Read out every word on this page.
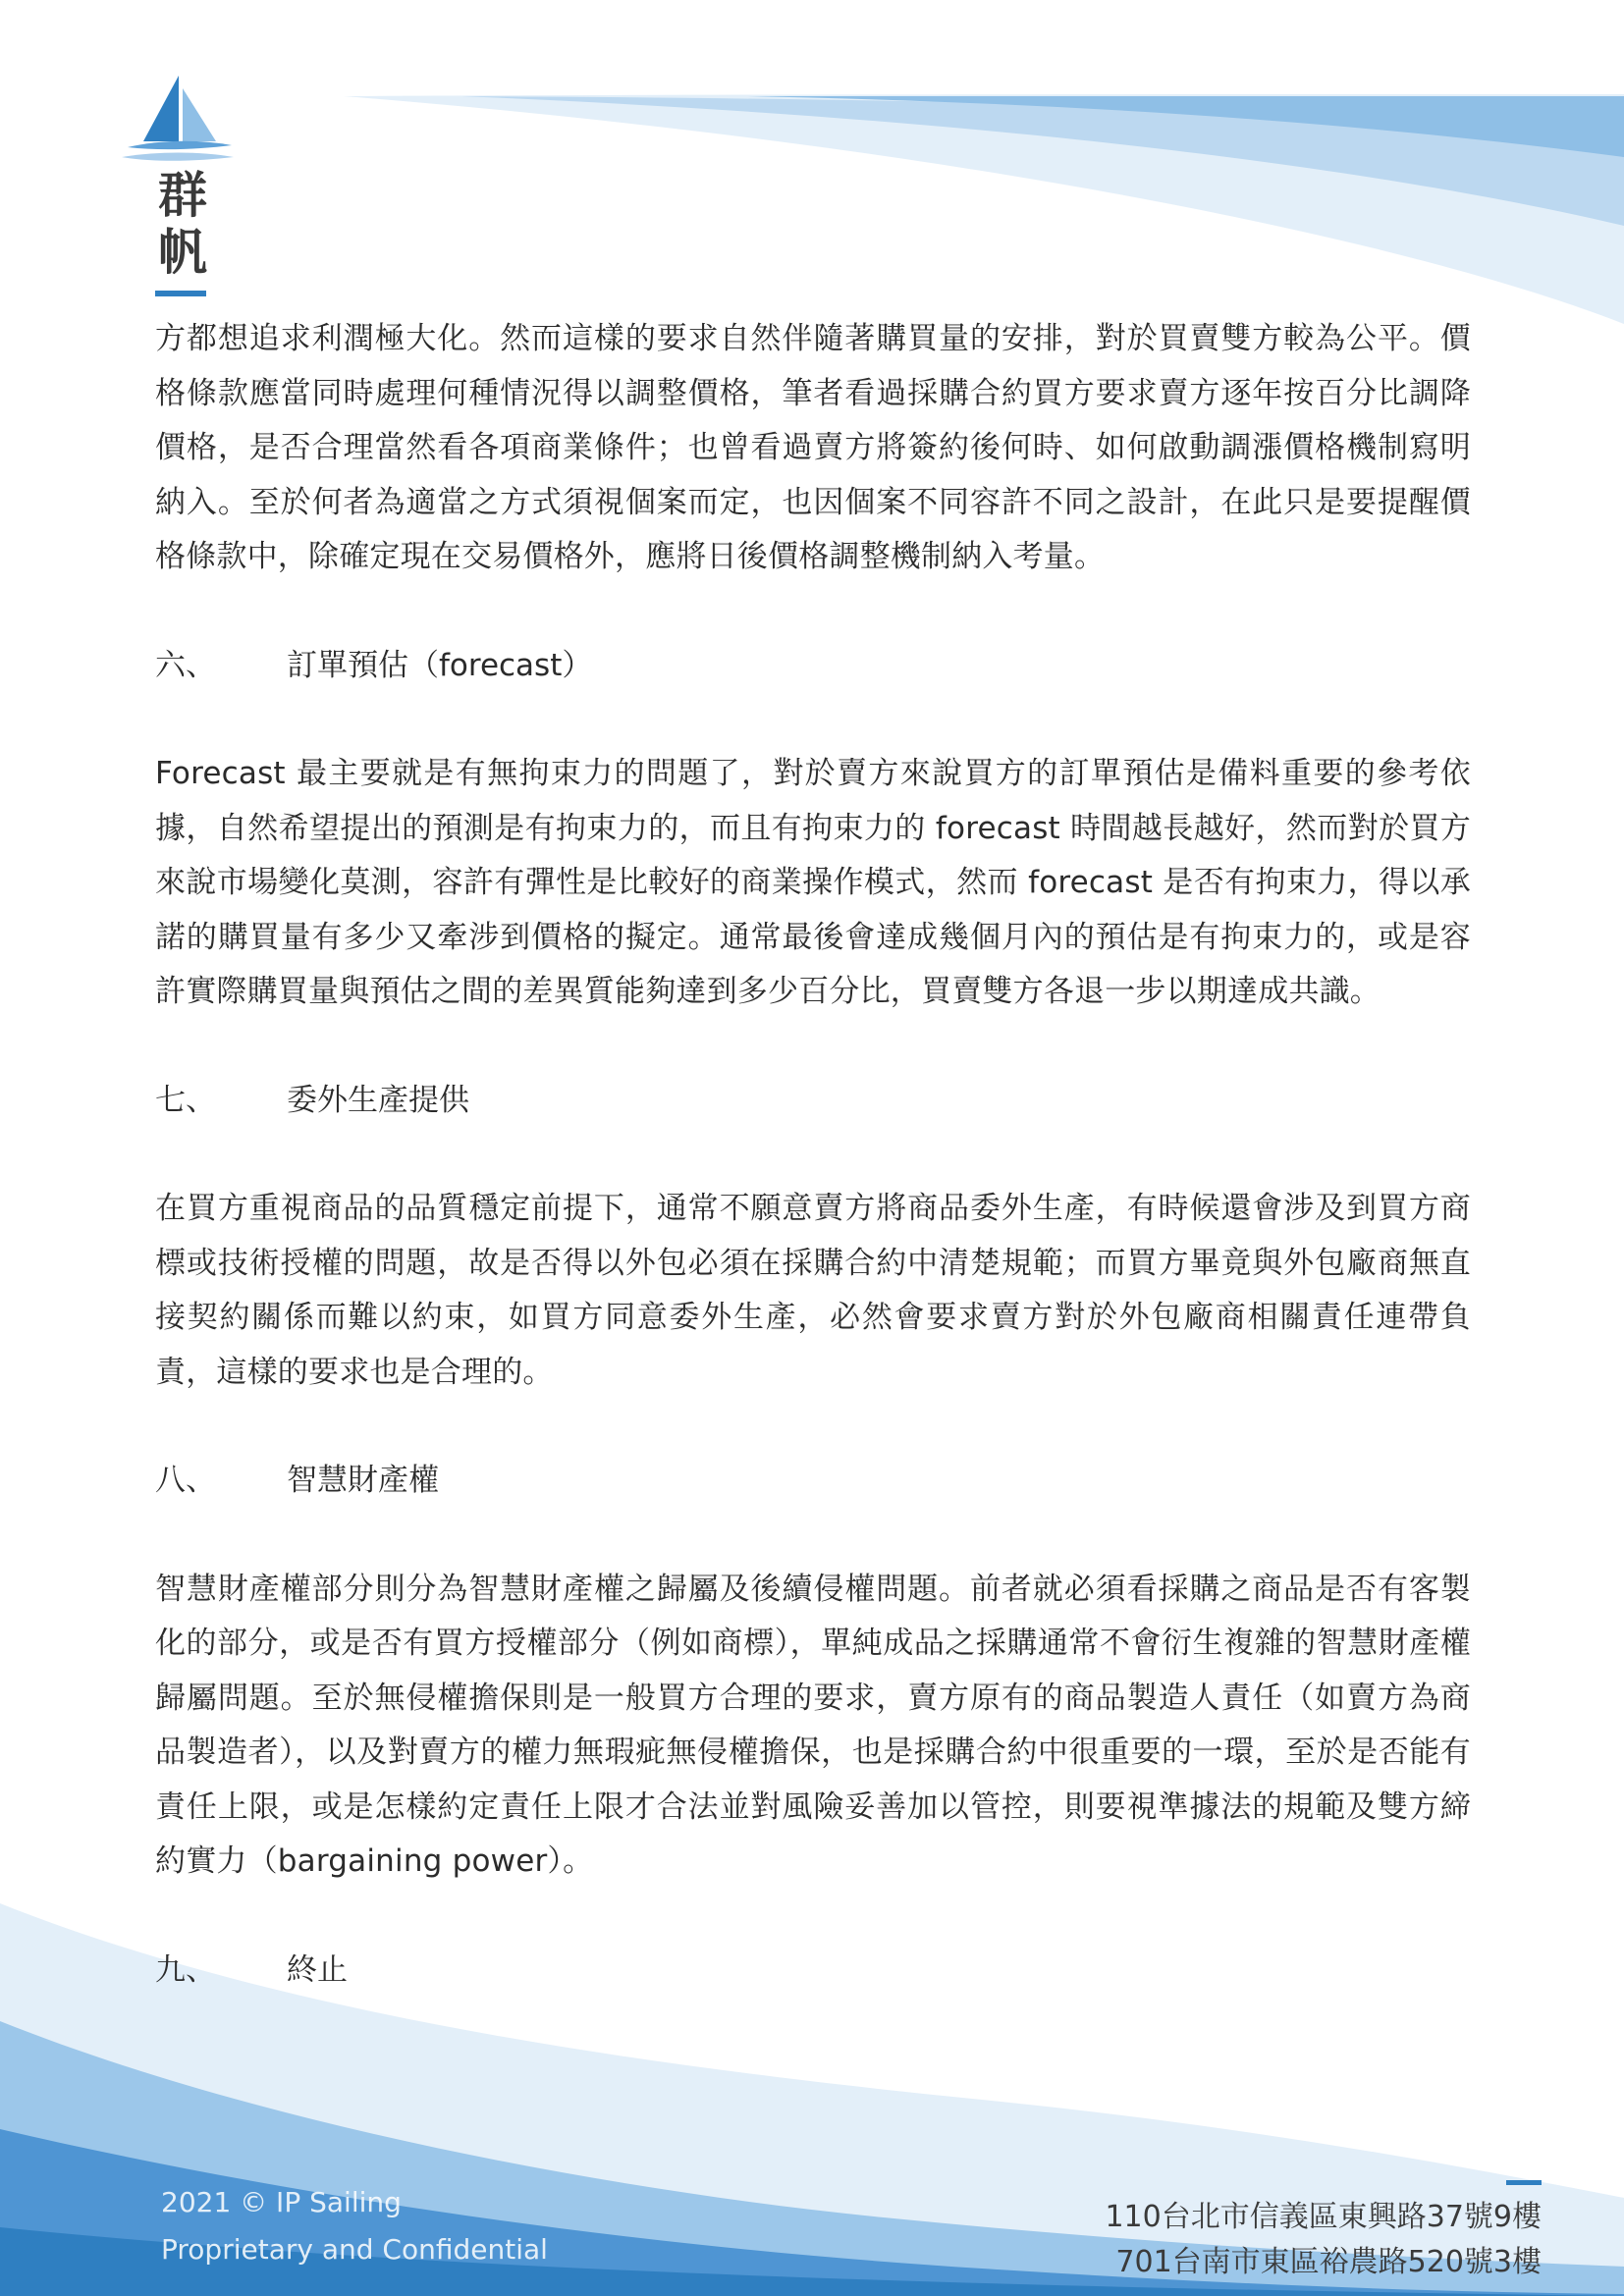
群
帆

方都想追求利潤極大化。然而這樣的要求自然伴隨著購買量的安排，對於買賣雙方較為公平。價格條款應當同時處理何種情況得以調整價格，筆者看過採購合約買方要求賣方逐年按百分比調降價格，是否合理當然看各項商業條件；也曾看過賣方將簽約後何時、如何啟動調漲價格機制寫明納入。至於何者為適當之方式須視個案而定，也因個案不同容許不同之設計，在此只是要提醒價格條款中，除確定現在交易價格外，應將日後價格調整機制納入考量。

六、	訂單預估（forecast）

Forecast 最主要就是有無拘束力的問題了，對於賣方來說買方的訂單預估是備料重要的參考依據，自然希望提出的預測是有拘束力的，而且有拘束力的 forecast 時間越長越好，然而對於買方來說市場變化莫測，容許有彈性是比較好的商業操作模式，然而 forecast 是否有拘束力，得以承諾的購買量有多少又牽涉到價格的擬定。通常最後會達成幾個月內的預估是有拘束力的，或是容許實際購買量與預估之間的差異質能夠達到多少百分比，買賣雙方各退一步以期達成共識。

七、	委外生產提供

在買方重視商品的品質穩定前提下，通常不願意賣方將商品委外生產，有時候還會涉及到買方商標或技術授權的問題，故是否得以外包必須在採購合約中清楚規範；而買方畢竟與外包廠商無直接契約關係而難以約束，如買方同意委外生產，必然會要求賣方對於外包廠商相關責任連帶負責，這樣的要求也是合理的。

八、	智慧財產權

智慧財產權部分則分為智慧財產權之歸屬及後續侵權問題。前者就必須看採購之商品是否有客製化的部分，或是否有買方授權部分（例如商標），單純成品之採購通常不會衍生複雜的智慧財產權歸屬問題。至於無侵權擔保則是一般買方合理的要求，賣方原有的商品製造人責任（如賣方為商品製造者），以及對賣方的權力無瑕疵無侵權擔保，也是採購合約中很重要的一環，至於是否能有責任上限，或是怎樣約定責任上限才合法並對風險妥善加以管控，則要視準據法的規範及雙方締約實力（bargaining power）。

九、	終止
2021 © IP Sailing
Proprietary and Confidential
110台北市信義區東興路37號9樓
701台南市東區裕農路520號3樓
